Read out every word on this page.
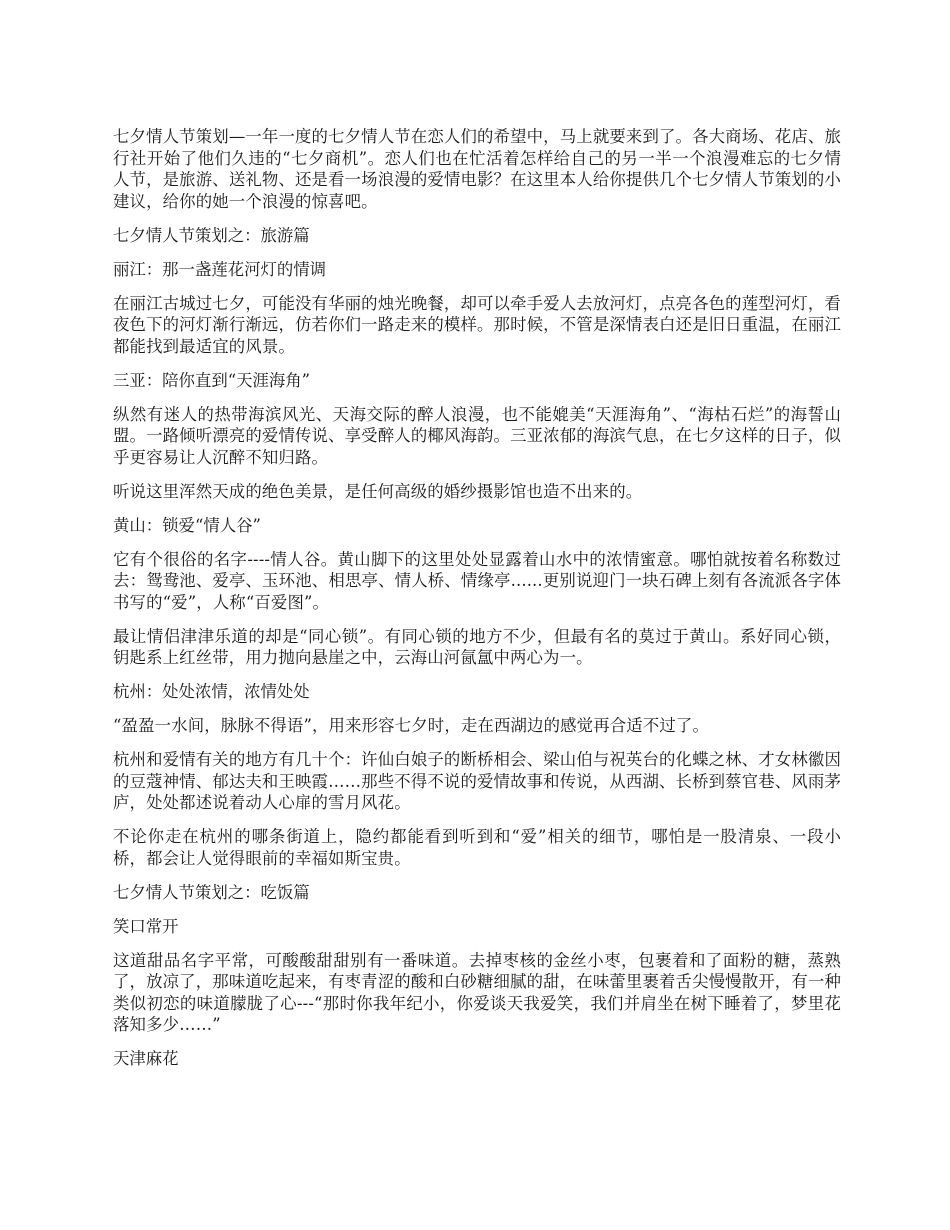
七夕情人节策划—一年一度的七夕情人节在恋人们的希望中，马上就要来到了。各大商场、花店、旅行社开始了他们久违的“七夕商机”。恋人们也在忙活着怎样给自己的另一半一个浪漫难忘的七夕情人节，是旅游、送礼物、还是看一场浪漫的爱情电影？在这里本人给你提供几个七夕情人节策划的小建议，给你的她一个浪漫的惊喜吧。

七夕情人节策划之：旅游篇

丽江：那一盏莲花河灯的情调

在丽江古城过七夕，可能没有华丽的烛光晚餐，却可以牵手爱人去放河灯，点亮各色的莲型河灯，看夜色下的河灯渐行渐远，仿若你们一路走来的模样。那时候，不管是深情表白还是旧日重温，在丽江都能找到最适宜的风景。

三亚：陪你直到“天涯海角”

纵然有迷人的热带海滨风光、天海交际的醉人浪漫，也不能媲美“天涯海角”、“海枯石烂”的海誓山盟。一路倾听漂亮的爱情传说、享受醉人的椰风海韵。三亚浓郁的海滨气息，在七夕这样的日子，似乎更容易让人沉醉不知归路。

听说这里浑然天成的绝色美景，是任何高级的婚纱摄影馆也造不出来的。

黄山：锁爱“情人谷”

它有个很俗的名字----情人谷。黄山脚下的这里处处显露着山水中的浓情蜜意。哪怕就按着名称数过去：鸳鸯池、爱亭、玉环池、相思亭、情人桥、情缘亭......更别说迎门一块石碑上刻有各流派各字体书写的“爱”，人称“百爱图”。

最让情侣津津乐道的却是“同心锁”。有同心锁的地方不少，但最有名的莫过于黄山。系好同心锁，钥匙系上红丝带，用力抛向悬崖之中，云海山河氤氲中两心为一。

杭州：处处浓情，浓情处处

“盈盈一水间，脉脉不得语”，用来形容七夕时，走在西湖边的感觉再合适不过了。

杭州和爱情有关的地方有几十个：许仙白娘子的断桥相会、梁山伯与祝英台的化蝶之林、才女林徽因的豆蔻神情、郁达夫和王映霞……那些不得不说的爱情故事和传说，从西湖、长桥到蔡官巷、风雨茅庐，处处都述说着动人心扉的雪月风花。

不论你走在杭州的哪条街道上，隐约都能看到听到和“爱”相关的细节，哪怕是一股清泉、一段小桥，都会让人觉得眼前的幸福如斯宝贵。

七夕情人节策划之：吃饭篇

笑口常开

这道甜品名字平常，可酸酸甜甜别有一番味道。去掉枣核的金丝小枣，包裹着和了面粉的糖，蒸熟了，放凉了，那味道吃起来，有枣青涩的酸和白砂糖细腻的甜，在味蕾里裹着舌尖慢慢散开，有一种类似初恋的味道朦胧了心---“那时你我年纪小，你爱谈天我爱笑，我们并肩坐在树下睡着了，梦里花落知多少……”

天津麻花
